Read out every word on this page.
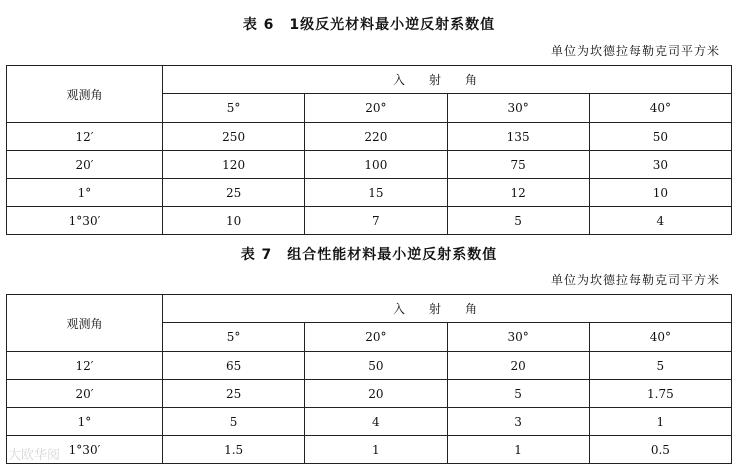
表 6　1级反光材料最小逆反射系数值
单位为坎德拉每勒克司平方米
观测角	入射角			
	5°	20°	30°	40°
12′	250	220	135	50
20′	120	100	75	30
1°	25	15	12	10
1°30′	10	7	5	4
表 7　组合性能材料最小逆反射系数值
单位为坎德拉每勒克司平方米
观测角	入射角			
	5°	20°	30°	40°
12′	65	50	20	5
20′	25	20	5	1.75
1°	5	4	3	1
1°30′	1.5	1	1	0.5
大欧华阅
